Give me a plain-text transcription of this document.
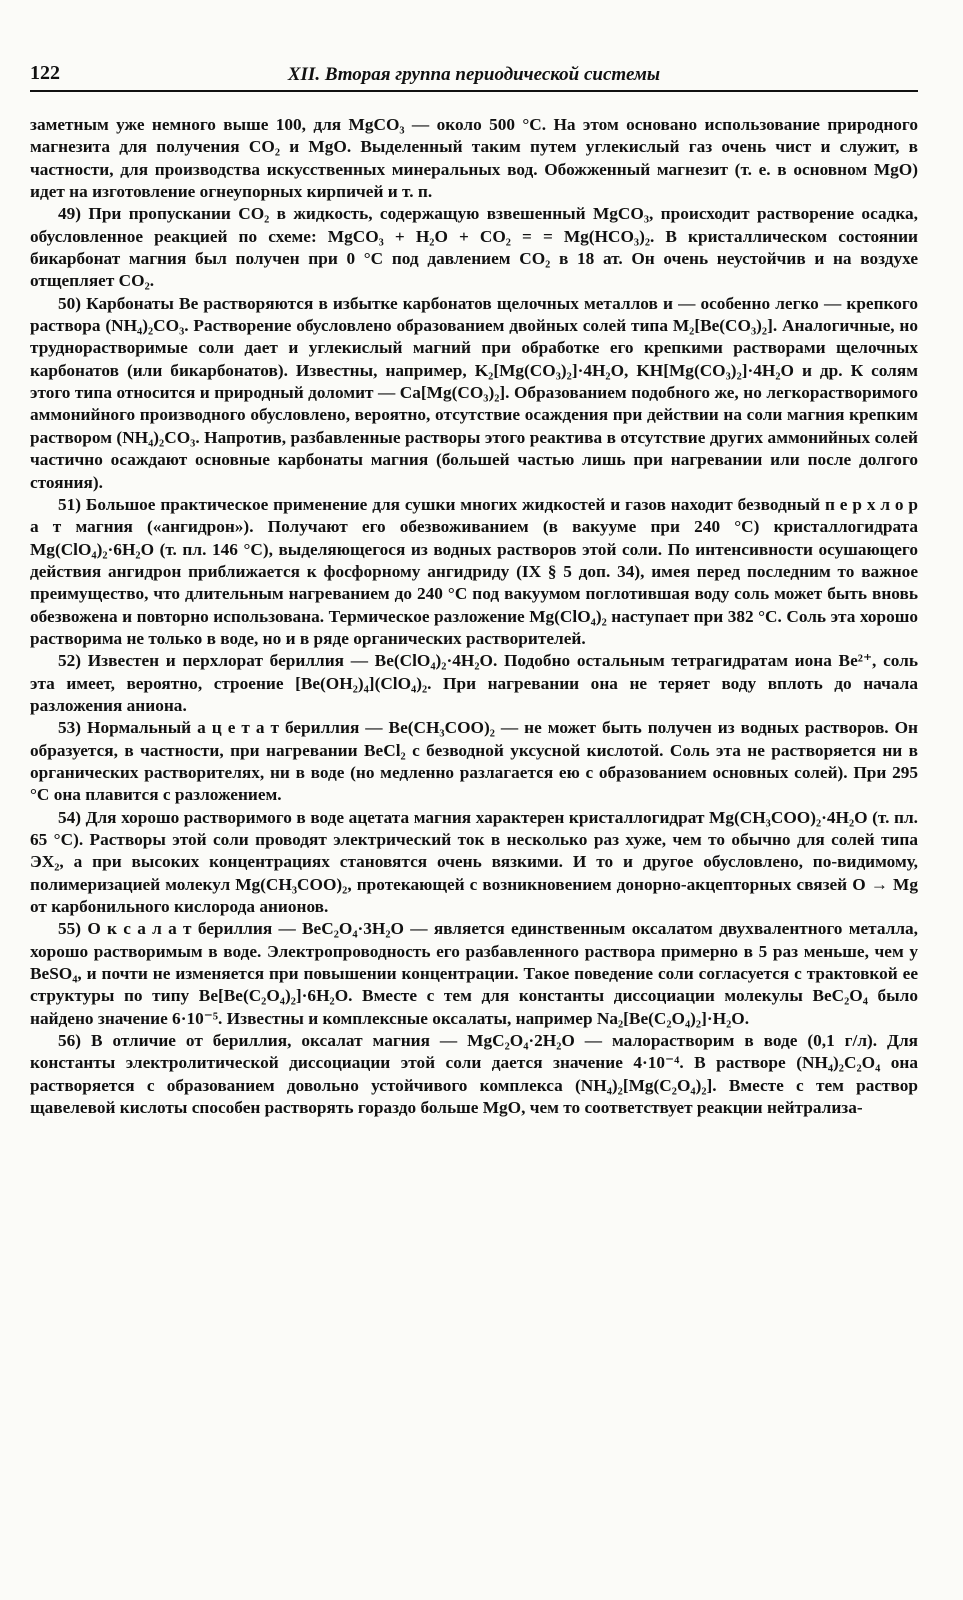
122	XII. Вторая группа периодической системы

заметным уже немного выше 100, для MgCO₃ — около 500 °C. На этом основано использование природного магнезита для получения CO₂ и MgO. Выделенный таким путем углекислый газ очень чист и служит, в частности, для производства искусственных минеральных вод. Обожженный магнезит (т. е. в основном MgO) идет на изготовление огнеупорных кирпичей и т. п.

49) При пропускании CO₂ в жидкость, содержащую взвешенный MgCO₃, происходит растворение осадка, обусловленное реакцией по схеме: MgCO₃ + H₂O + CO₂ = = Mg(HCO₃)₂. В кристаллическом состоянии бикарбонат магния был получен при 0 °C под давлением CO₂ в 18 ат. Он очень неустойчив и на воздухе отщепляет CO₂.

50) Карбонаты Be растворяются в избытке карбонатов щелочных металлов и — особенно легко — крепкого раствора (NH₄)₂CO₃. Растворение обусловлено образованием двойных солей типа M₂[Be(CO₃)₂]. Аналогичные, но труднорастворимые соли дает и углекислый магний при обработке его крепкими растворами щелочных карбонатов (или бикарбонатов). Известны, например, K₂[Mg(CO₃)₂]·4H₂O, KH[Mg(CO₃)₂]·4H₂O и др. К солям этого типа относится и природный доломит — Ca[Mg(CO₃)₂]. Образованием подобного же, но легкорастворимого аммонийного производного обусловлено, вероятно, отсутствие осаждения при действии на соли магния крепким раствором (NH₄)₂CO₃. Напротив, разбавленные растворы этого реактива в отсутствие других аммонийных солей частично осаждают основные карбонаты магния (большей частью лишь при нагревании или после долгого стояния).

51) Большое практическое применение для сушки многих жидкостей и газов находит безводный п е р х л о р а т магния («ангидрон»). Получают его обезвоживанием (в вакууме при 240 °C) кристаллогидрата Mg(ClO₄)₂·6H₂O (т. пл. 146 °C), выделяющегося из водных растворов этой соли. По интенсивности осушающего действия ангидрон приближается к фосфорному ангидриду (IX § 5 доп. 34), имея перед последним то важное преимущество, что длительным нагреванием до 240 °C под вакуумом поглотившая воду соль может быть вновь обезвожена и повторно использована. Термическое разложение Mg(ClO₄)₂ наступает при 382 °C. Соль эта хорошо растворима не только в воде, но и в ряде органических растворителей.

52) Известен и перхлорат бериллия — Be(ClO₄)₂·4H₂O. Подобно остальным тетрагидратам иона Be²⁺, соль эта имеет, вероятно, строение [Be(OH₂)₄](ClO₄)₂. При нагревании она не теряет воду вплоть до начала разложения аниона.

53) Нормальный а ц е т а т бериллия — Be(CH₃COO)₂ — не может быть получен из водных растворов. Он образуется, в частности, при нагревании BeCl₂ с безводной уксусной кислотой. Соль эта не растворяется ни в органических растворителях, ни в воде (но медленно разлагается ею с образованием основных солей). При 295 °C она плавится с разложением.

54) Для хорошо растворимого в воде ацетата магния характерен кристаллогидрат Mg(CH₃COO)₂·4H₂O (т. пл. 65 °C). Растворы этой соли проводят электрический ток в несколько раз хуже, чем то обычно для солей типа ЭX₂, а при высоких концентрациях становятся очень вязкими. И то и другое обусловлено, по-видимому, полимеризацией молекул Mg(CH₃COO)₂, протекающей с возникновением донорно-акцепторных связей O → Mg от карбонильного кислорода анионов.

55) О к с а л а т бериллия — BeC₂O₄·3H₂O — является единственным оксалатом двухвалентного металла, хорошо растворимым в воде. Электропроводность его разбавленного раствора примерно в 5 раз меньше, чем у BeSO₄, и почти не изменяется при повышении концентрации. Такое поведение соли согласуется с трактовкой ее структуры по типу Be[Be(C₂O₄)₂]·6H₂O. Вместе с тем для константы диссоциации молекулы BeC₂O₄ было найдено значение 6·10⁻⁵. Известны и комплексные оксалаты, например Na₂[Be(C₂O₄)₂]·H₂O.

56) В отличие от бериллия, оксалат магния — MgC₂O₄·2H₂O — малорастворим в воде (0,1 г/л). Для константы электролитической диссоциации этой соли дается значение 4·10⁻⁴. В растворе (NH₄)₂C₂O₄ она растворяется с образованием довольно устойчивого комплекса (NH₄)₂[Mg(C₂O₄)₂]. Вместе с тем раствор щавелевой кислоты способен растворять гораздо больше MgO, чем то соответствует реакции нейтрализа-
